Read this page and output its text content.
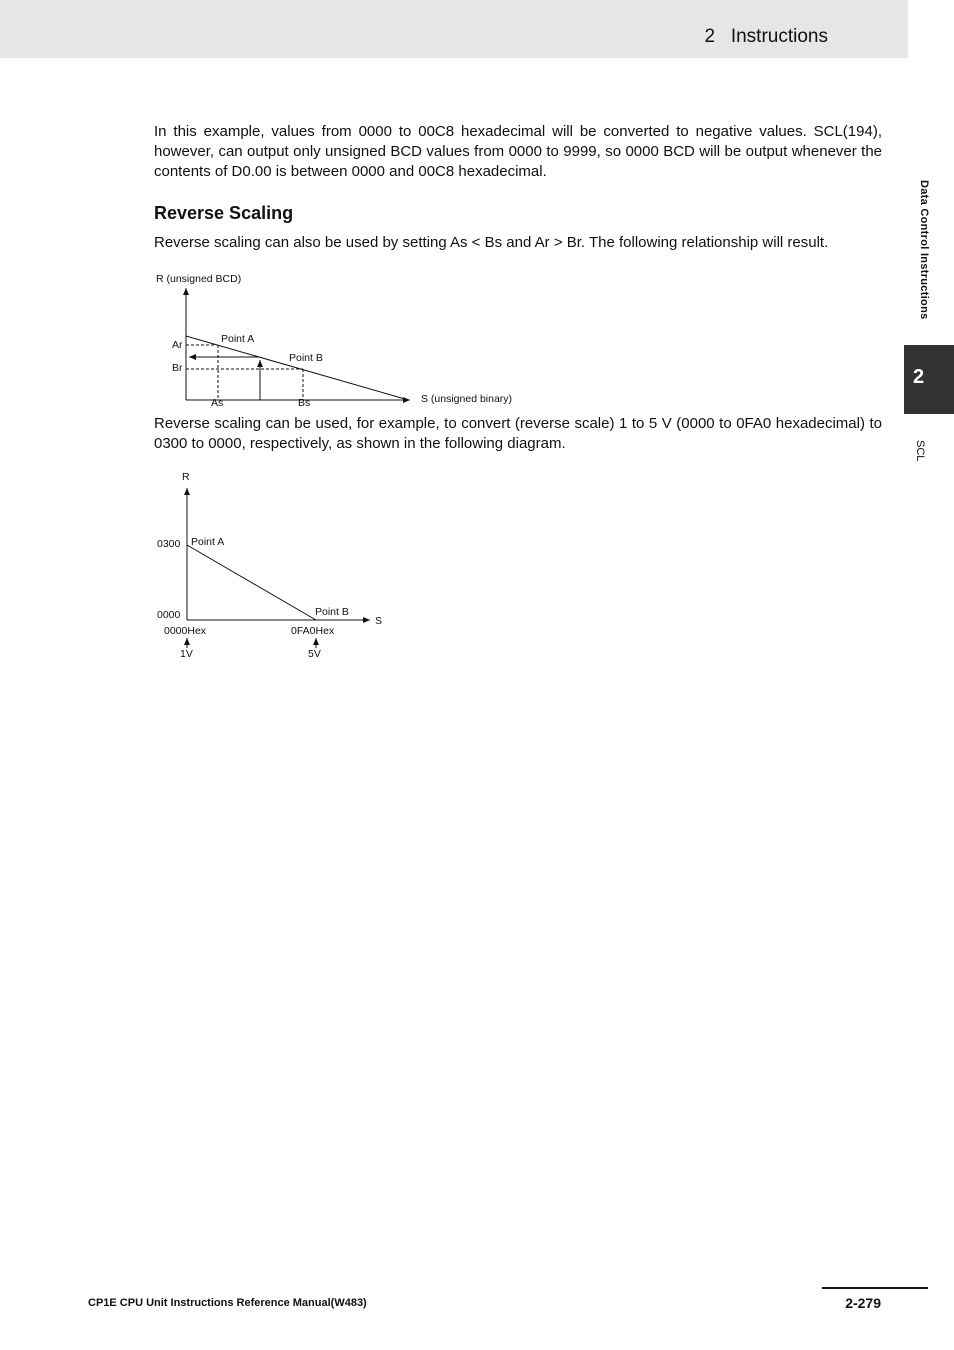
2   Instructions
Data Control Instructions
2
SCL

In this example, values from 0000 to 00C8 hexadecimal will be converted to negative values. SCL(194), however, can output only unsigned BCD values from 0000 to 9999, so 0000 BCD will be output whenever the contents of D0.00 is between 0000 and 00C8 hexadecimal.

Reverse Scaling

Reverse scaling can also be used by setting As < Bs and Ar > Br. The following relationship will result.

R (unsigned BCD)
S (unsigned binary)
Ar
Br
As	Bs
Point A
Point B

Reverse scaling can be used, for example, to convert (reverse scale) 1 to 5 V (0000 to 0FA0 hexadecimal) to 0300 to 0000, respectively, as shown in the following diagram.

R
S
0300
0000
Point A
Point B
0000Hex	0FA0Hex
1V	5V
CP1E CPU Unit Instructions Reference Manual(W483)	2-279
